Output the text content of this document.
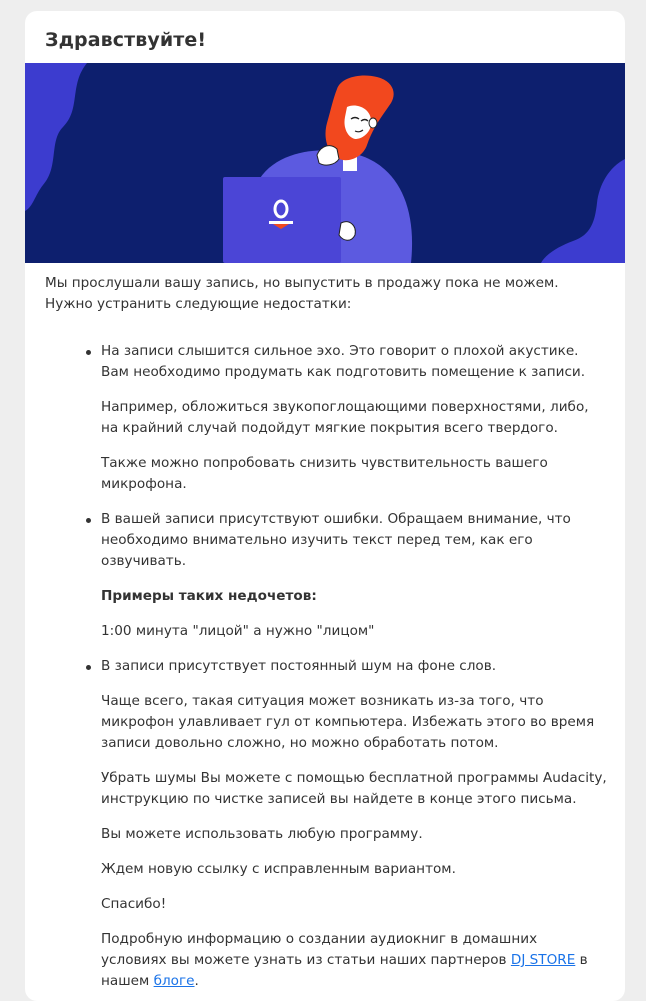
Здравствуйте!

Мы прослушали вашу запись, но выпустить в продажу пока не можем. Нужно устранить следующие недостатки:

На записи слышится сильное эхо. Это говорит о плохой акустике. Вам необходимо продумать как подготовить помещение к записи.

Например, обложиться звукопоглощающими поверхностями, либо, на крайний случай подойдут мягкие покрытия всего твердого.

Также можно попробовать снизить чувствительность вашего микрофона.

В вашей записи присутствуют ошибки. Обращаем внимание, что необходимо внимательно изучить текст перед тем, как его озвучивать.

Примеры таких недочетов:

1:00 минута "лицой" а нужно "лицом"

В записи присутствует постоянный шум на фоне слов.

Чаще всего, такая ситуация может возникать из-за того, что микрофон улавливает гул от компьютера. Избежать этого во время записи довольно сложно, но можно обработать потом.

Убрать шумы Вы можете с помощью бесплатной программы Audacity, инструкцию по чистке записей вы найдете в конце этого письма.

Вы можете использовать любую программу.

Ждем новую ссылку с исправленным вариантом.

Спасибо!

Подробную информацию о создании аудиокниг в домашних условиях вы можете узнать из статьи наших партнеров DJ STORE в нашем блоге.
